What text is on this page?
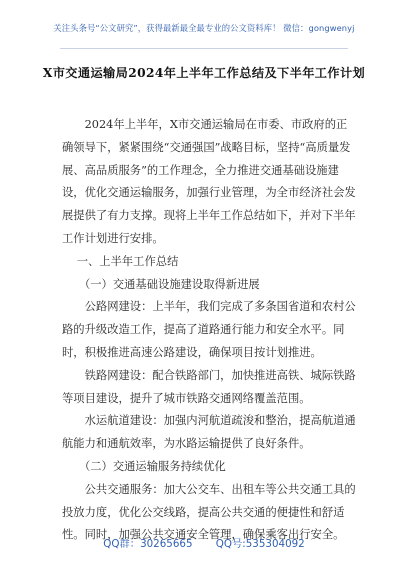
关注头条号“公文研究”，获得最新最全最专业的公文资料库！ 微信：gongwenyj
X市交通运输局2024年上半年工作总结及下半年工作计划

2024年上半年，X市交通运输局在市委、市政府的正确领导下，紧紧围绕“交通强国”战略目标，坚持“高质量发展、高品质服务”的工作理念，全力推进交通基础设施建设，优化交通运输服务，加强行业管理，为全市经济社会发展提供了有力支撑。现将上半年工作总结如下，并对下半年工作计划进行安排。

一、上半年工作总结

（一）交通基础设施建设取得新进展

公路网建设：上半年，我们完成了多条国省道和农村公路的升级改造工作，提高了道路通行能力和安全水平。同时，积极推进高速公路建设，确保项目按计划推进。

铁路网建设：配合铁路部门，加快推进高铁、城际铁路等项目建设，提升了城市铁路交通网络覆盖范围。

水运航道建设：加强内河航道疏浚和整治，提高航道通航能力和通航效率，为水路运输提供了良好条件。

（二）交通运输服务持续优化

公共交通服务：加大公交车、出租车等公共交通工具的投放力度，优化公交线路，提高公共交通的便捷性和舒适性。同时，加强公共交通安全管理，确保乘客出行安全。

QQ群：30265665 QQ号:535304092
